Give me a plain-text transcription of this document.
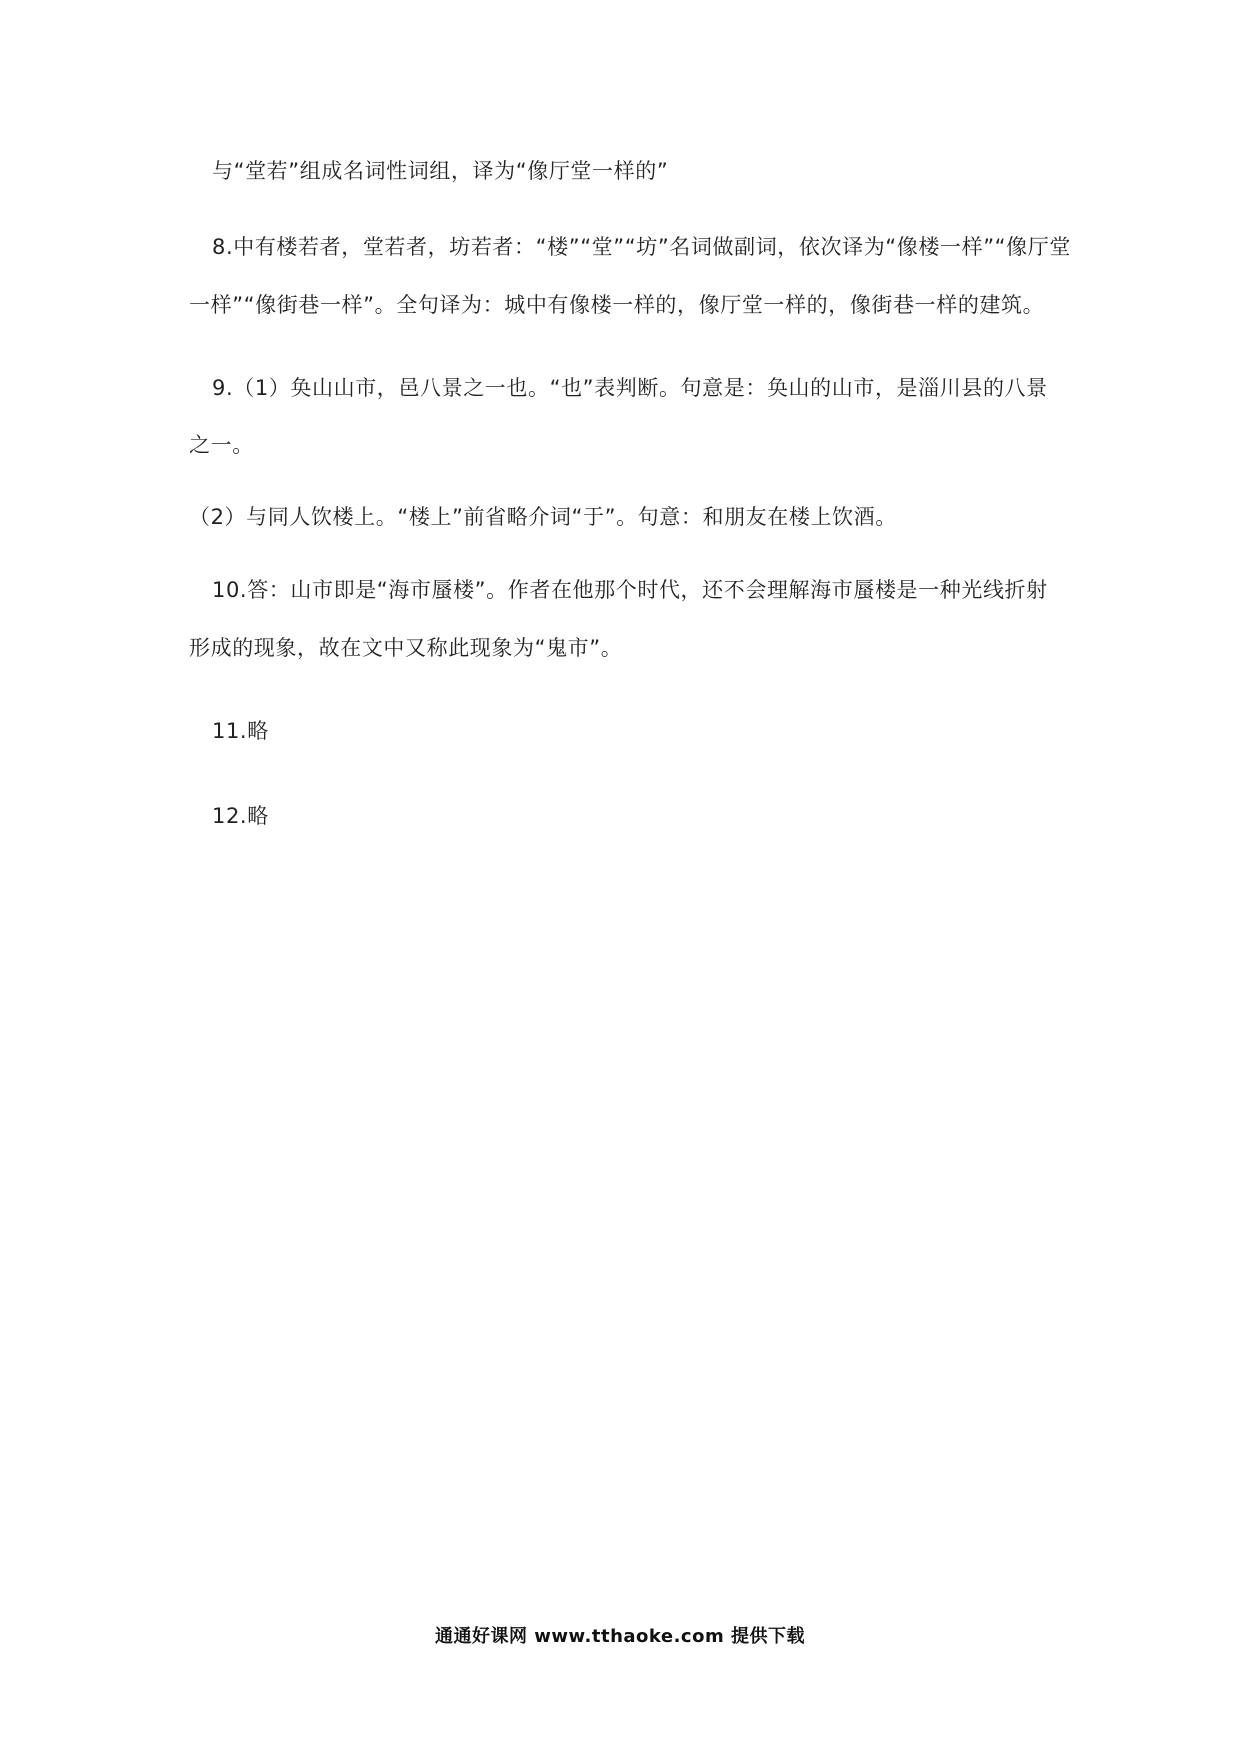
与“堂若”组成名词性词组，译为“像厅堂一样的”
8.中有楼若者，堂若者，坊若者：“楼”“堂”“坊”名词做副词，依次译为“像楼一样”“像厅堂
一样”“像街巷一样”。全句译为：城中有像楼一样的，像厅堂一样的，像街巷一样的建筑。
9.（1）奂山山市，邑八景之一也。“也”表判断。句意是：奂山的山市，是淄川县的八景
之一。
（2）与同人饮楼上。“楼上”前省略介词“于”。句意：和朋友在楼上饮酒。
10.答：山市即是“海市蜃楼”。作者在他那个时代，还不会理解海市蜃楼是一种光线折射
形成的现象，故在文中又称此现象为“鬼市”。
11.略
12.略
通通好课网 www.tthaoke.com 提供下载
